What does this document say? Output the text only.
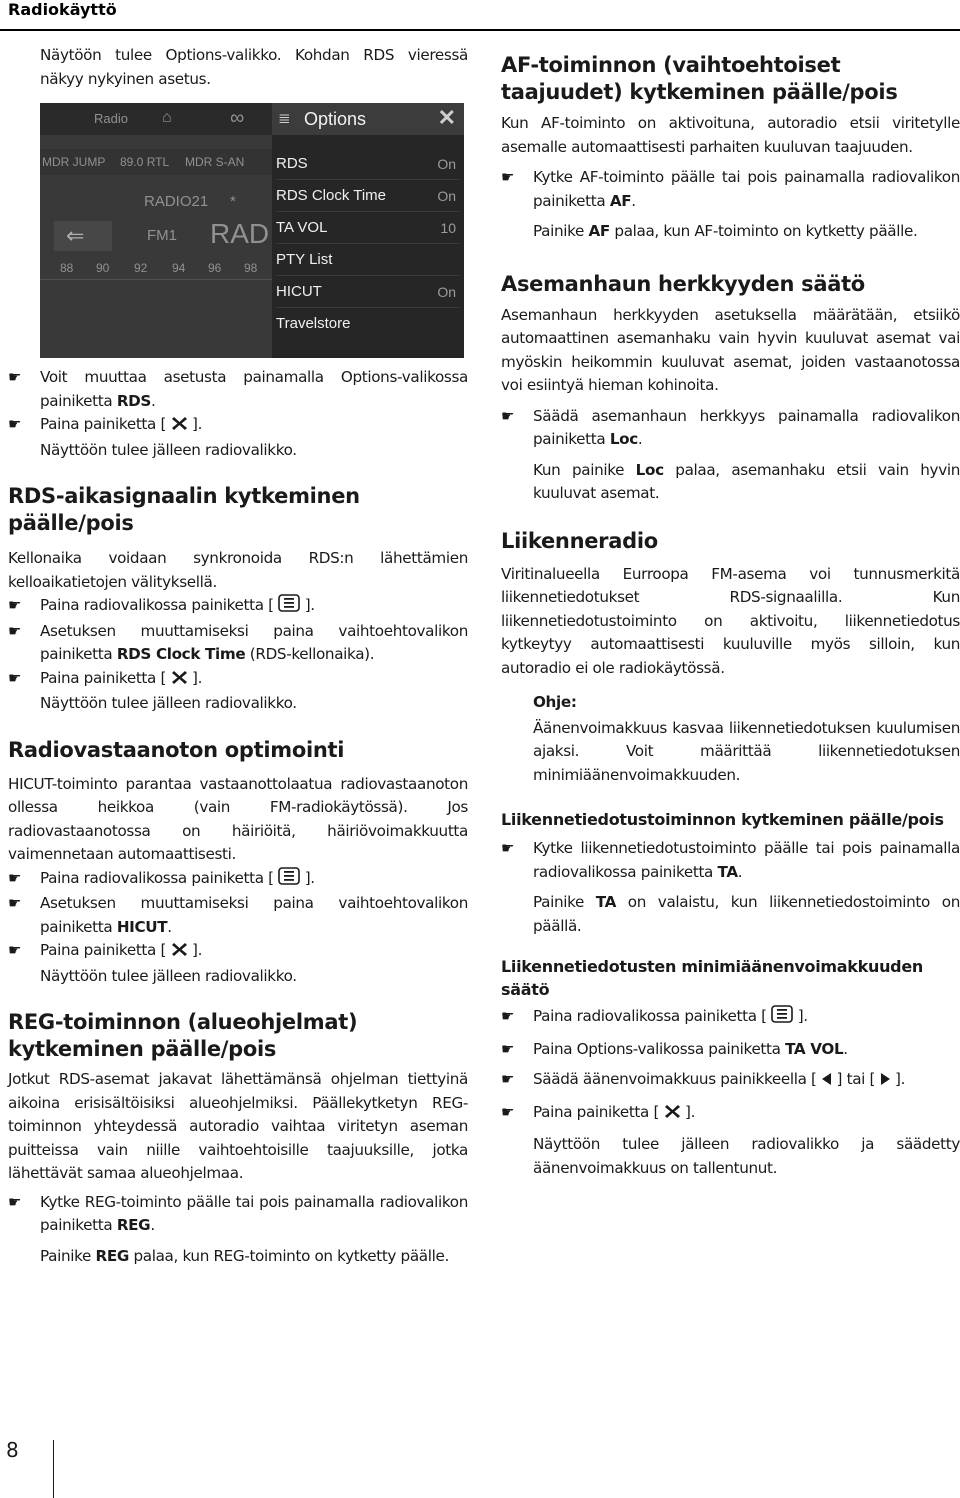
Radiokäyttö

Näytöön tulee Options-valikko. Kohdan RDS vieressä näkyy nykyinen asetus.

Radio ⌂	∞
MDR JUMP 89.0 RTL MDR S-AN
RADIO21 *
⇐	FM1 RAD
88 90 92 94 96 98
≣ Options	✕
RDS	On
RDS Clock Time	On
TA VOL	10
PTY List
HICUT	On
Travelstore

☛ Voit muuttaa asetusta painamalla Options-valikossa painiketta RDS.

☛ Paina painiketta [  ].

Näyttöön tulee jälleen radiovalikko.

RDS-aikasignaalin kytkeminen päälle/pois

Kellonaika voidaan synkronoida RDS:n lähettämien kelloaikatietojen välityksellä.

☛ Paina radiovalikossa painiketta [  ].

☛ Asetuksen muuttamiseksi paina vaihtoehtovalikon painiketta RDS Clock Time (RDS-kellonaika).

☛ Paina painiketta [  ].

Näyttöön tulee jälleen radiovalikko.

Radiovastaanoton optimointi

HICUT-toiminto parantaa vastaanottolaatua radiovastaanoton ollessa heikkoa (vain FM-radiokäytössä). Jos radiovastaanotossa on häiriöitä, häiriövoimakkuutta vaimennetaan automaattisesti.

☛ Paina radiovalikossa painiketta [  ].

☛ Asetuksen muuttamiseksi paina vaihtoehtovalikon painiketta HICUT.

☛ Paina painiketta [  ].

Näyttöön tulee jälleen radiovalikko.

REG-toiminnon (alueohjelmat) kytkeminen päälle/pois

Jotkut RDS-asemat jakavat lähettämänsä ohjelman tiettyinä aikoina erisisältöisiksi alueohjelmiksi. Päällekytketyn REG-toiminnon yhteydessä autoradio vaihtaa viritetyn aseman puitteissa vain niille vaihtoehtoisille taajuuksille, jotka lähettävät samaa alueohjelmaa.

☛ Kytke REG-toiminto päälle tai pois painamalla radiovalikon painiketta REG.

Painike REG palaa, kun REG-toiminto on kytketty päälle.

AF-toiminnon (vaihtoehtoiset taajuudet) kytkeminen päälle/pois

Kun AF-toiminto on aktivoituna, autoradio etsii viritetylle asemalle automaattisesti parhaiten kuuluvan taajuuden.

☛ Kytke AF-toiminto päälle tai pois painamalla radiovalikon painiketta AF.

Painike AF palaa, kun AF-toiminto on kytketty päälle.

Asemanhaun herkkyyden säätö

Asemanhaun herkkyyden asetuksella määrätään, etsiikö automaattinen asemanhaku vain hyvin kuuluvat asemat vai myöskin heikommin kuuluvat asemat, joiden vastaanotossa voi esiintyä hieman kohinoita.

☛ Säädä asemanhaun herkkyys painamalla radiovalikon painiketta Loc.

Kun painike Loc palaa, asemanhaku etsii vain hyvin kuuluvat asemat.

Liikenneradio

Viritinalueella Eurroopa FM-asema voi tunnusmerkitä liikennetiedotukset RDS-signaalilla. Kun liikennetiedotustoiminto on aktivoitu, liikennetiedotus kytkeytyy automaattisesti kuuluville myös silloin, kun autoradio ei ole radiokäytössä.

Ohje:

Äänenvoimakkuus kasvaa liikennetiedotuksen kuulumisen ajaksi. Voit määrittää liikennetiedotuksen minimiäänenvoimakkuuden.

Liikennetiedotustoiminnon kytkeminen päälle/pois

☛ Kytke liikennetiedotustoiminto päälle tai pois painamalla radiovalikossa painiketta TA.

Painike TA on valaistu, kun liikennetiedostoiminto on päällä.

Liikennetiedotusten minimiäänenvoimakkuuden säätö

☛ Paina radiovalikossa painiketta [  ].

☛ Paina Options-valikossa painiketta TA VOL.

☛ Säädä äänenvoimakkuus painikkeella [  ] tai [  ].

☛ Paina painiketta [  ].

Näyttöön tulee jälleen radiovalikko ja säädetty äänenvoimakkuus on tallentunut.

8
